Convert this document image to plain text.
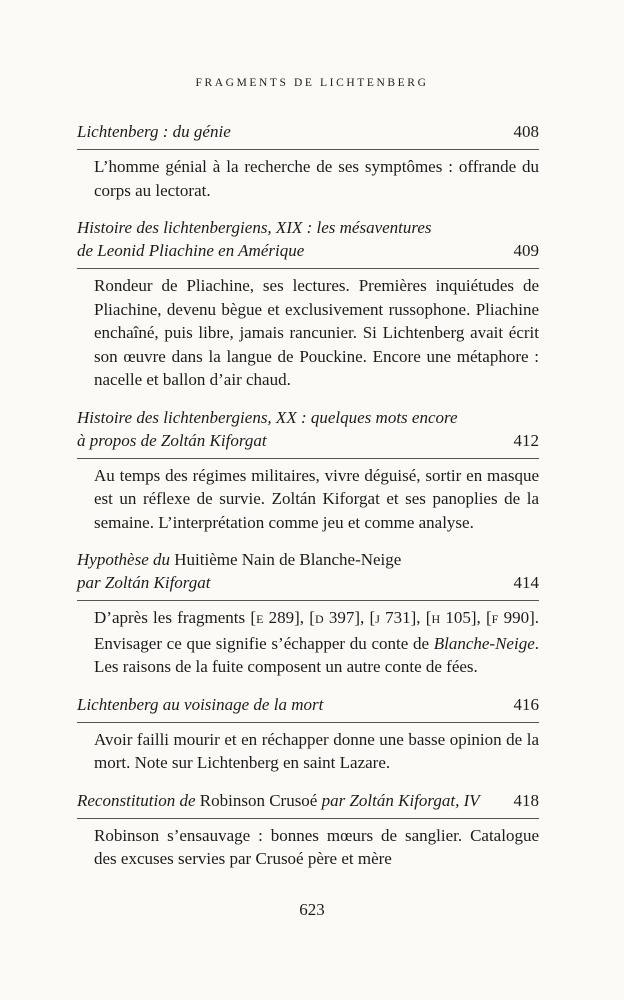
FRAGMENTS DE LICHTENBERG
Lichtenberg : du génie	408
L’homme génial à la recherche de ses symptômes : offrande du corps au lectorat.
Histoire des lichtenbergiens, XIX : les mésaventures
de Leonid Pliachine en Amérique	409
Rondeur de Pliachine, ses lectures. Premières inquiétudes de Pliachine, devenu bègue et exclusivement russophone. Pliachine enchaîné, puis libre, jamais rancunier. Si Lichtenberg avait écrit son œuvre dans la langue de Pouckine. Encore une métaphore : nacelle et ballon d’air chaud.
Histoire des lichtenbergiens, XX : quelques mots encore
à propos de Zoltán Kiforgat	412
Au temps des régimes militaires, vivre déguisé, sortir en masque est un réflexe de survie. Zoltán Kiforgat et ses panoplies de la semaine. L’interprétation comme jeu et comme analyse.
Hypothèse du Huitième Nain de Blanche-Neige
par Zoltán Kiforgat	414
D’après les fragments [E 289], [D 397], [J 731], [H 105], [F 990]. Envisager ce que signifie s’échapper du conte de Blanche-Neige. Les raisons de la fuite composent un autre conte de fées.
Lichtenberg au voisinage de la mort	416
Avoir failli mourir et en réchapper donne une basse opinion de la mort. Note sur Lichtenberg en saint Lazare.
Reconstitution de Robinson Crusoé par Zoltán Kiforgat, IV	418
Robinson s’ensauvage : bonnes mœurs de sanglier. Catalogue des excuses servies par Crusoé père et mère
623
